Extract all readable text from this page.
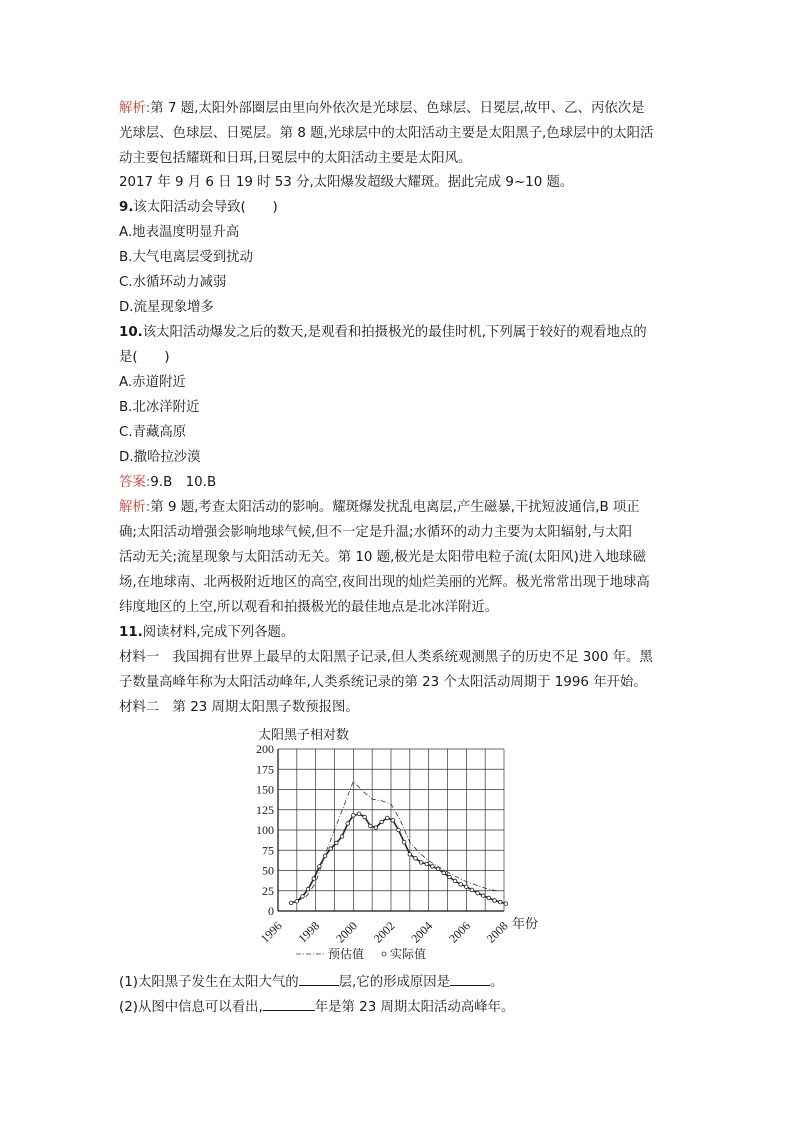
解析:第 7 题,太阳外部圈层由里向外依次是光球层、色球层、日冕层,故甲、乙、丙依次是
光球层、色球层、日冕层。第 8 题,光球层中的太阳活动主要是太阳黑子,色球层中的太阳活
动主要包括耀斑和日珥,日冕层中的太阳活动主要是太阳风。
2017 年 9 月 6 日 19 时 53 分,太阳爆发超级大耀斑。据此完成 9~10 题。
9.该太阳活动会导致(　　)
A.地表温度明显升高
B.大气电离层受到扰动
C.水循环动力减弱
D.流星现象增多
10.该太阳活动爆发之后的数天,是观看和拍摄极光的最佳时机,下列属于较好的观看地点的
是(　　)
A.赤道附近
B.北冰洋附近
C.青藏高原
D.撒哈拉沙漠
答案:9.B　10.B
解析:第 9 题,考查太阳活动的影响。耀斑爆发扰乱电离层,产生磁暴,干扰短波通信,B 项正
确;太阳活动增强会影响地球气候,但不一定是升温;水循环的动力主要为太阳辐射,与太阳
活动无关;流星现象与太阳活动无关。第 10 题,极光是太阳带电粒子流(太阳风)进入地球磁
场,在地球南、北两极附近地区的高空,夜间出现的灿烂美丽的光辉。极光常常出现于地球高
纬度地区的上空,所以观看和拍摄极光的最佳地点是北冰洋附近。
11.阅读材料,完成下列各题。
材料一　我国拥有世界上最早的太阳黑子记录,但人类系统观测黑子的历史不足 300 年。黑
子数量高峰年称为太阳活动峰年,人类系统记录的第 23 个太阳活动周期于 1996 年开始。
材料二　第 23 周期太阳黑子数预报图。
太阳黑子相对数
0
25
50
75
100
125
150
175
200
1996 1998 2000 2002 2004 2006 2008 年份
预估值 实际值
(1)太阳黑子发生在太阳大气的	层,它的形成原因是	。
(2)从图中信息可以看出,	年是第 23 周期太阳活动高峰年。
